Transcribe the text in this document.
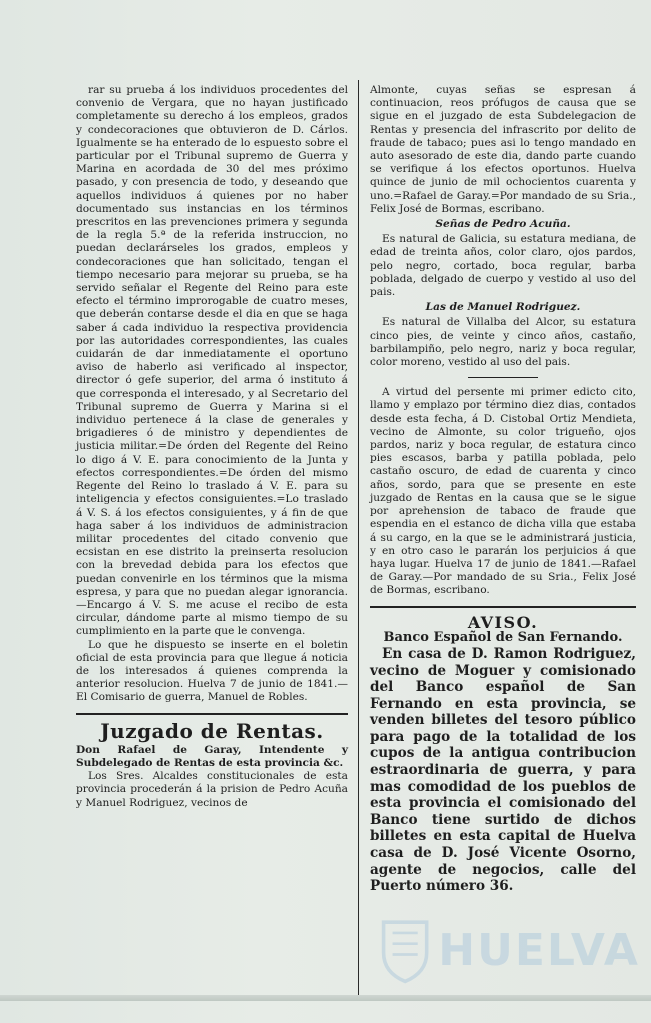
rar su prueba á los individuos procedentes del convenio de Vergara, que no hayan justificado completamente su derecho á los empleos, grados y condecoraciones que obtuvieron de D. Cárlos. Igualmente se ha enterado de lo espuesto sobre el particular por el Tribunal supremo de Guerra y Marina en acordada de 30 del mes próximo pasado, y con presencia de todo, y deseando que aquellos individuos á quienes por no haber documentado sus instancias en los términos prescritos en las prevenciones primera y segunda de la regla 5.ª de la referida instruccion, no puedan declarárseles los grados, empleos y condecoraciones que han solicitado, tengan el tiempo necesario para mejorar su prueba, se ha servido señalar el Regente del Reino para este efecto el término improrogable de cuatro meses, que deberán contarse desde el dia en que se haga saber á cada individuo la respectiva providencia por las autoridades correspondientes, las cuales cuidarán de dar inmediatamente el oportuno aviso de haberlo asi verificado al inspector, director ó gefe superior, del arma ó instituto á que corresponda el interesado, y al Secretario del Tribunal supremo de Guerra y Marina si el individuo pertenece á la clase de generales y brigadieres ó de ministro y dependientes de justicia militar.=De órden del Regente del Reino lo digo á V. E. para conocimiento de la Junta y efectos correspondientes.=De órden del mismo Regente del Reino lo traslado á V. E. para su inteligencia y efectos consiguientes.=Lo traslado á V. S. á los efectos consiguientes, y á fin de que haga saber á los individuos de administracion militar procedentes del citado convenio que ecsistan en ese distrito la preinserta resolucion con la brevedad debida para los efectos que puedan convenirle en los términos que la misma espresa, y para que no puedan alegar ignorancia. —Encargo á V. S. me acuse el recibo de esta circular, dándome parte al mismo tiempo de su cumplimiento en la parte que le convenga.

Lo que he dispuesto se inserte en el boletin oficial de esta provincia para que llegue á noticia de los interesados á quienes comprenda la anterior resolucion. Huelva 7 de junio de 1841.—El Comisario de guerra, Manuel de Robles.

Juzgado de Rentas.

Don Rafael de Garay, Intendente y Subdelegado de Rentas de esta provincia &c.

Los Sres. Alcaldes constitucionales de esta provincia procederán á la prision de Pedro Acuña y Manuel Rodriguez, vecinos de

Almonte, cuyas señas se espresan á continuacion, reos prófugos de causa que se sigue en el juzgado de esta Subdelegacion de Rentas y presencia del infrascrito por delito de fraude de tabaco; pues asi lo tengo mandado en auto asesorado de este dia, dando parte cuando se verifique á los efectos oportunos. Huelva quince de junio de mil ochocientos cuarenta y uno.=Rafael de Garay.=Por mandado de su Sria., Felix José de Bormas, escribano.

Señas de Pedro Acuña.

Es natural de Galicia, su estatura mediana, de edad de treinta años, color claro, ojos pardos, pelo negro, cortado, boca regular, barba poblada, delgado de cuerpo y vestido al uso del pais.

Las de Manuel Rodriguez.

Es natural de Villalba del Alcor, su estatura cinco pies, de veinte y cinco años, castaño, barbilampiño, pelo negro, nariz y boca regular, color moreno, vestido al uso del pais.

A virtud del persente mi primer edicto cito, llamo y emplazo por término diez dias, contados desde esta fecha, á D. Cistobal Ortiz Mendieta, vecino de Almonte, su color trigueño, ojos pardos, nariz y boca regular, de estatura cinco pies escasos, barba y patilla poblada, pelo castaño oscuro, de edad de cuarenta y cinco años, sordo, para que se presente en este juzgado de Rentas en la causa que se le sigue por aprehension de tabaco de fraude que espendia en el estanco de dicha villa que estaba á su cargo, en la que se le administrará justicia, y en otro caso le pararán los perjuicios á que haya lugar. Huelva 17 de junio de 1841.—Rafael de Garay.—Por mandado de su Sria., Felix José de Bormas, escribano.

AVISO.
Banco Español de San Fernando.

En casa de D. Ramon Rodriguez, vecino de Moguer y comisionado del Banco español de San Fernando en esta provincia, se venden billetes del tesoro público para pago de la totalidad de los cupos de la antigua contribucion estraordinaria de guerra, y para mas comodidad de los pueblos de esta provincia el comisionado del Banco tiene surtido de dichos billetes en esta capital de Huelva casa de D. José Vicente Osorno, agente de negocios, calle del Puerto número 36.

HUELVA
